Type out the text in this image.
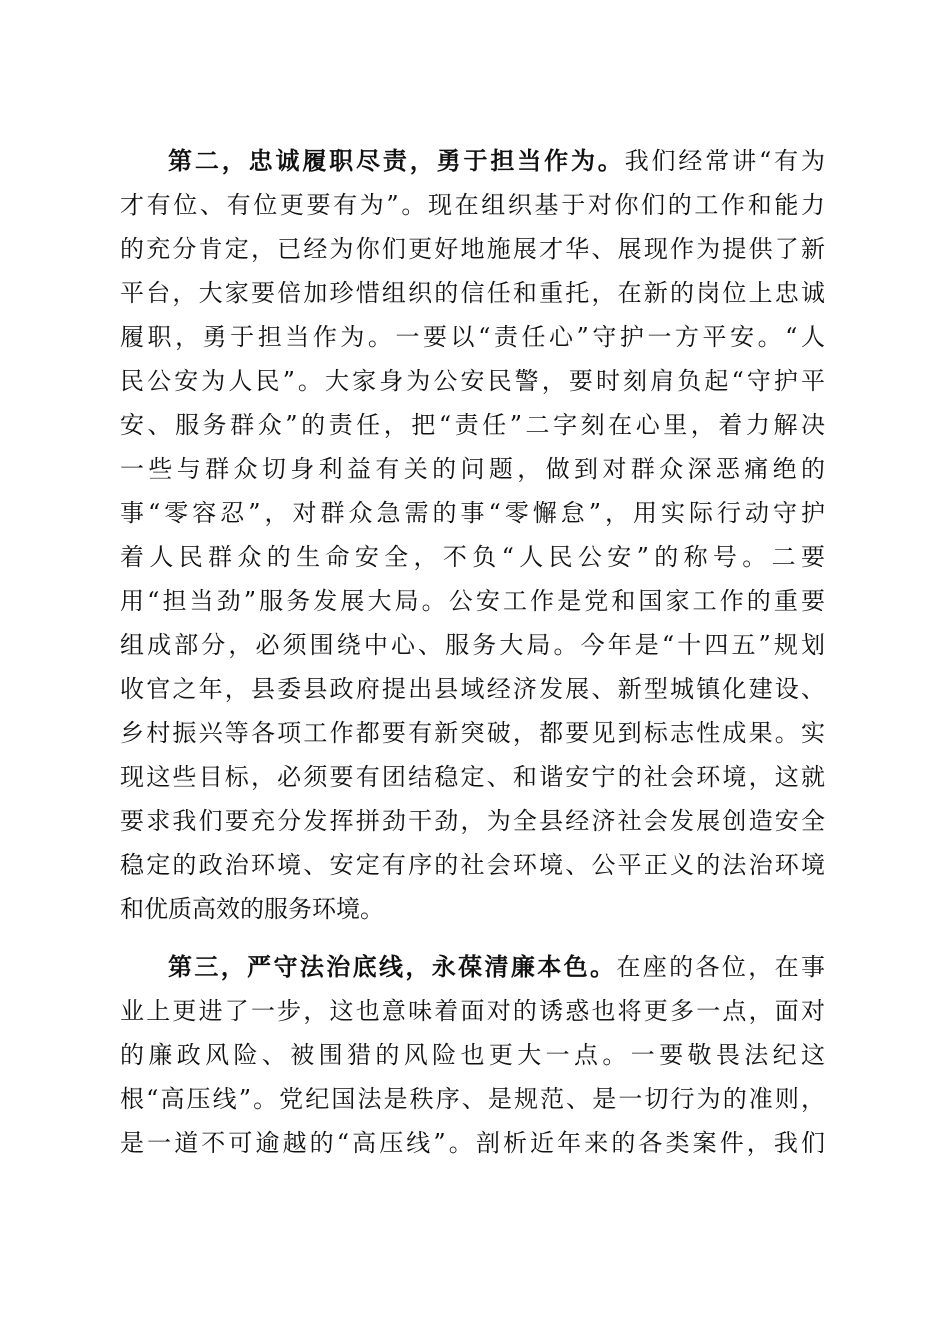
第二，忠诚履职尽责，勇于担当作为。我们经常讲“有为
才有位、有位更要有为”。现在组织基于对你们的工作和能力
的充分肯定，已经为你们更好地施展才华、展现作为提供了新
平台，大家要倍加珍惜组织的信任和重托，在新的岗位上忠诚
履职，勇于担当作为。一要以“责任心”守护一方平安。“人
民公安为人民”。大家身为公安民警，要时刻肩负起“守护平
安、服务群众”的责任，把“责任”二字刻在心里，着力解决
一些与群众切身利益有关的问题，做到对群众深恶痛绝的
事“零容忍”，对群众急需的事“零懈怠”，用实际行动守护
着人民群众的生命安全，不负“人民公安”的称号。二要
用“担当劲”服务发展大局。公安工作是党和国家工作的重要
组成部分，必须围绕中心、服务大局。今年是“十四五”规划
收官之年，县委县政府提出县域经济发展、新型城镇化建设、
乡村振兴等各项工作都要有新突破，都要见到标志性成果。实
现这些目标，必须要有团结稳定、和谐安宁的社会环境，这就
要求我们要充分发挥拼劲干劲，为全县经济社会发展创造安全
稳定的政治环境、安定有序的社会环境、公平正义的法治环境
和优质高效的服务环境。
第三，严守法治底线，永葆清廉本色。在座的各位，在事
业上更进了一步，这也意味着面对的诱惑也将更多一点，面对
的廉政风险、被围猎的风险也更大一点。一要敬畏法纪这
根“高压线”。党纪国法是秩序、是规范、是一切行为的准则，
是一道不可逾越的“高压线”。剖析近年来的各类案件，我们
